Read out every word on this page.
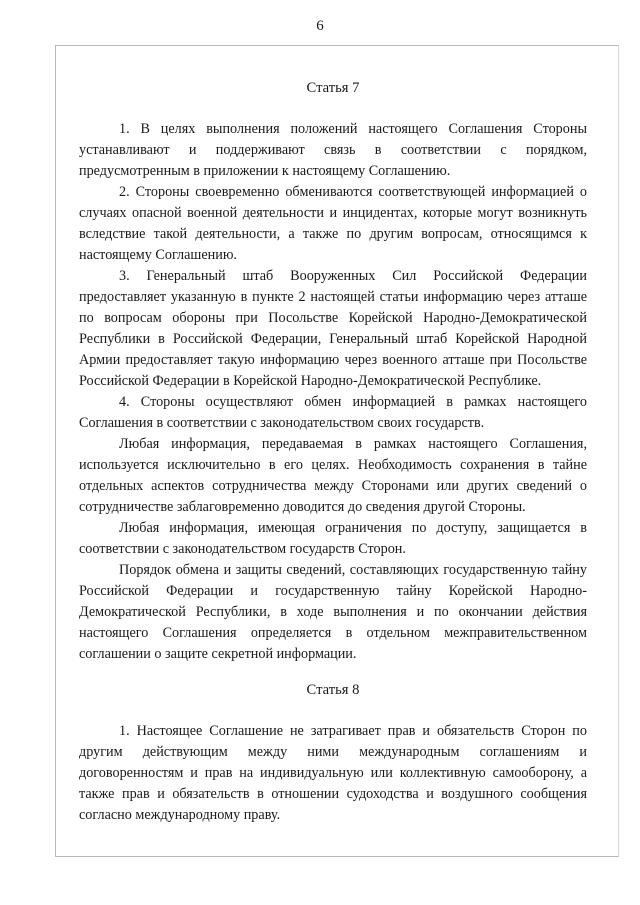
6
Статья 7

1. В целях выполнения положений настоящего Соглашения Стороны устанавливают и поддерживают связь в соответствии с порядком, предусмотренным в приложении к настоящему Соглашению.

2. Стороны своевременно обмениваются соответствующей информацией о случаях опасной военной деятельности и инцидентах, которые могут возникнуть вследствие такой деятельности, а также по другим вопросам, относящимся к настоящему Соглашению.

3. Генеральный штаб Вооруженных Сил Российской Федерации предоставляет указанную в пункте 2 настоящей статьи информацию через атташе по вопросам обороны при Посольстве Корейской Народно-Демократической Республики в Российской Федерации, Генеральный штаб Корейской Народной Армии предоставляет такую информацию через военного атташе при Посольстве Российской Федерации в Корейской Народно-Демократической Республике.

4. Стороны осуществляют обмен информацией в рамках настоящего Соглашения в соответствии с законодательством своих государств.

Любая информация, передаваемая в рамках настоящего Соглашения, используется исключительно в его целях. Необходимость сохранения в тайне отдельных аспектов сотрудничества между Сторонами или других сведений о сотрудничестве заблаговременно доводится до сведения другой Стороны.

Любая информация, имеющая ограничения по доступу, защищается в соответствии с законодательством государств Сторон.

Порядок обмена и защиты сведений, составляющих государственную тайну Российской Федерации и государственную тайну Корейской Народно-Демократической Республики, в ходе выполнения и по окончании действия настоящего Соглашения определяется в отдельном межправительственном соглашении о защите секретной информации.

Статья 8

1. Настоящее Соглашение не затрагивает прав и обязательств Сторон по другим действующим между ними международным соглашениям и договоренностям и прав на индивидуальную или коллективную самооборону, а также прав и обязательств в отношении судоходства и воздушного сообщения согласно международному праву.
